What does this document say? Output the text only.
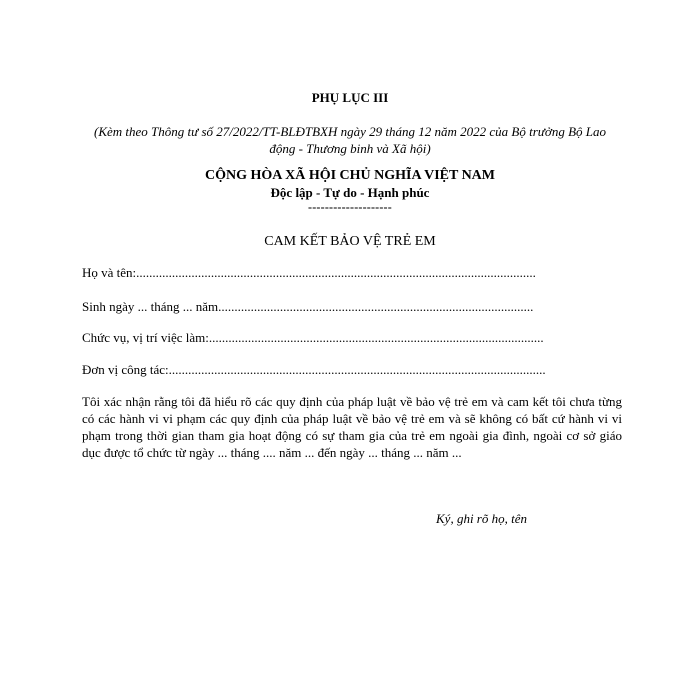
PHỤ LỤC III
(Kèm theo Thông tư số 27/2022/TT-BLĐTBXH ngày 29 tháng 12 năm 2022 của Bộ trưởng Bộ Lao động - Thương binh và Xã hội)
CỘNG HÒA XÃ HỘI CHỦ NGHĨA VIỆT NAM
Độc lập - Tự do - Hạnh phúc
--------------------
CAM KẾT BẢO VỆ TRẺ EM
Họ và tên:...........................................................................................................................
Sinh ngày ... tháng ... năm.................................................................................................
Chức vụ, vị trí việc làm:.......................................................................................................
Đơn vị công tác:....................................................................................................................
Tôi xác nhận rằng tôi đã hiểu rõ các quy định của pháp luật về bảo vệ trẻ em và cam kết tôi chưa từng có các hành vi vi phạm các quy định của pháp luật về bảo vệ trẻ em và sẽ không có bất cứ hành vi vi phạm trong thời gian tham gia hoạt động có sự tham gia của trẻ em ngoài gia đình, ngoài cơ sở giáo dục được tổ chức từ ngày ... tháng .... năm ... đến ngày ... tháng ... năm ...
Ký, ghi rõ họ, tên
